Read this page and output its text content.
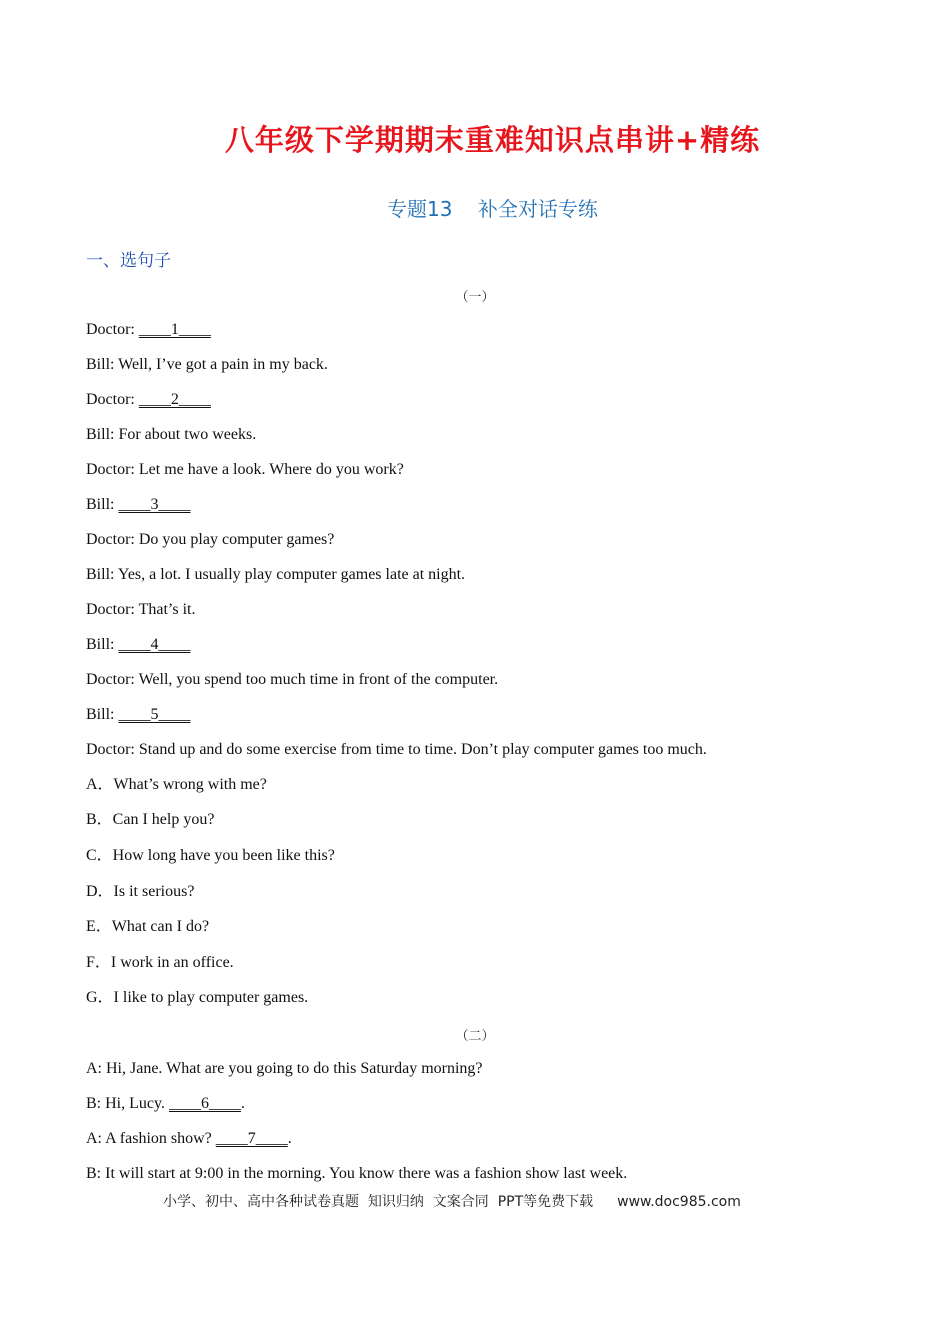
八年级下学期期末重难知识点串讲+精练
专题13    补全对话专练
一、选句子
（一）
Doctor: ____1____
Bill: Well, I’ve got a pain in my back.
Doctor: ____2____
Bill: For about two weeks.
Doctor: Let me have a look. Where do you work?
Bill: ____3____
Doctor: Do you play computer games?
Bill: Yes, a lot. I usually play computer games late at night.
Doctor: That’s it.
Bill: ____4____
Doctor: Well, you spend too much time in front of the computer.
Bill: ____5____
Doctor: Stand up and do some exercise from time to time. Don’t play computer games too much.
A．What’s wrong with me?
B．Can I help you?
C．How long have you been like this?
D．Is it serious?
E．What can I do?
F．I work in an office.
G．I like to play computer games.
（二）
A: Hi, Jane. What are you going to do this Saturday morning?
B: Hi, Lucy. ____6____.
A: A fashion show? ____7____.
B: It will start at 9:00 in the morning. You know there was a fashion show last week.
小学、初中、高中各种试卷真题  知识归纳  文案合同  PPT等免费下载 www.doc985.com
